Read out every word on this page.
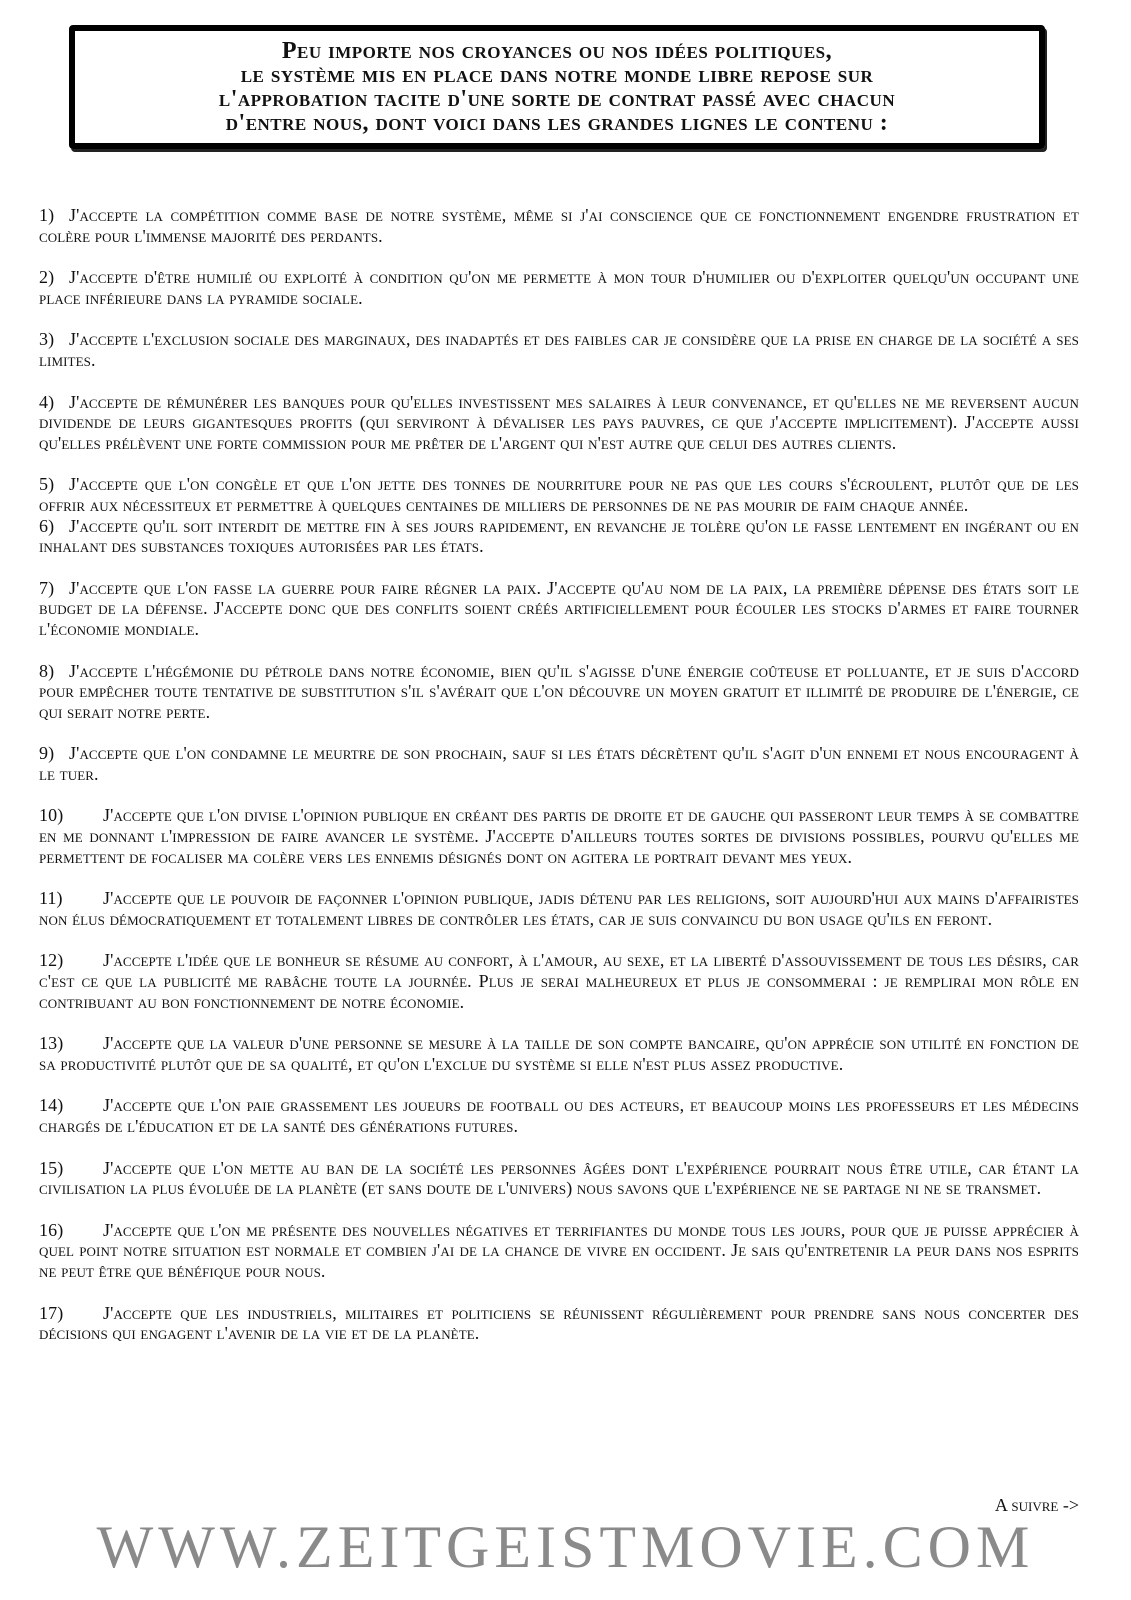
Peu importe nos croyances ou nos idées politiques,
le système mis en place dans notre monde libre repose sur
l'approbation tacite d'une sorte de contrat passé avec chacun
d'entre nous, dont voici dans les grandes lignes le contenu :

1) J'accepte la compétition comme base de notre système, même si j'ai conscience que ce fonctionnement engendre frustration et colère pour l'immense majorité des perdants.

2) J'accepte d'être humilié ou exploité à condition qu'on me permette à mon tour d'humilier ou d'exploiter quelqu'un occupant une place inférieure dans la pyramide sociale.

3) J'accepte l'exclusion sociale des marginaux, des inadaptés et des faibles car je considère que la prise en charge de la société a ses limites.

4) J'accepte de rémunérer les banques pour qu'elles investissent mes salaires à leur convenance, et qu'elles ne me reversent aucun dividende de leurs gigantesques profits (qui serviront à dévaliser les pays pauvres, ce que j'accepte implicitement). J'accepte aussi qu'elles prélèvent une forte commission pour me prêter de l'argent qui n'est autre que celui des autres clients.

5) J'accepte que l'on congèle et que l'on jette des tonnes de nourriture pour ne pas que les cours s'écroulent, plutôt que de les offrir aux nécessiteux et permettre à quelques centaines de milliers de personnes de ne pas mourir de faim chaque année.

6) J'accepte qu'il soit interdit de mettre fin à ses jours rapidement, en revanche je tolère qu'on le fasse lentement en ingérant ou en inhalant des substances toxiques autorisées par les états.

7) J'accepte que l'on fasse la guerre pour faire régner la paix. J'accepte qu'au nom de la paix, la première dépense des états soit le budget de la défense. J'accepte donc que des conflits soient créés artificiellement pour écouler les stocks d'armes et faire tourner l'économie mondiale.

8) J'accepte l'hégémonie du pétrole dans notre économie, bien qu'il s'agisse d'une énergie coûteuse et polluante, et je suis d'accord pour empêcher toute tentative de substitution s'il s'avérait que l'on découvre un moyen gratuit et illimité de produire de l'énergie, ce qui serait notre perte.

9) J'accepte que l'on condamne le meurtre de son prochain, sauf si les états décrètent qu'il s'agit d'un ennemi et nous encouragent à le tuer.

10) J'accepte que l'on divise l'opinion publique en créant des partis de droite et de gauche qui passeront leur temps à se combattre en me donnant l'impression de faire avancer le système. J'accepte d'ailleurs toutes sortes de divisions possibles, pourvu qu'elles me permettent de focaliser ma colère vers les ennemis désignés dont on agitera le portrait devant mes yeux.

11) J'accepte que le pouvoir de façonner l'opinion publique, jadis détenu par les religions, soit aujourd'hui aux mains d'affairistes non élus démocratiquement et totalement libres de contrôler les états, car je suis convaincu du bon usage qu'ils en feront.

12) J'accepte l'idée que le bonheur se résume au confort, à l'amour, au sexe, et la liberté d'assouvissement de tous les désirs, car c'est ce que la publicité me rabâche toute la journée. Plus je serai malheureux et plus je consommerai : je remplirai mon rôle en contribuant au bon fonctionnement de notre économie.

13) J'accepte que la valeur d'une personne se mesure à la taille de son compte bancaire, qu'on apprécie son utilité en fonction de sa productivité plutôt que de sa qualité, et qu'on l'exclue du système si elle n'est plus assez productive.

14) J'accepte que l'on paie grassement les joueurs de football ou des acteurs, et beaucoup moins les professeurs et les médecins chargés de l'éducation et de la santé des générations futures.

15) J'accepte que l'on mette au ban de la société les personnes âgées dont l'expérience pourrait nous être utile, car étant la civilisation la plus évoluée de la planète (et sans doute de l'univers) nous savons que l'expérience ne se partage ni ne se transmet.

16) J'accepte que l'on me présente des nouvelles négatives et terrifiantes du monde tous les jours, pour que je puisse apprécier à quel point notre situation est normale et combien j'ai de la chance de vivre en occident. Je sais qu'entretenir la peur dans nos esprits ne peut être que bénéfique pour nous.

17) J'accepte que les industriels, militaires et politiciens se réunissent régulièrement pour prendre sans nous concerter des décisions qui engagent l'avenir de la vie et de la planète.

A suivre ->
WWW.ZEITGEISTMOVIE.COM
